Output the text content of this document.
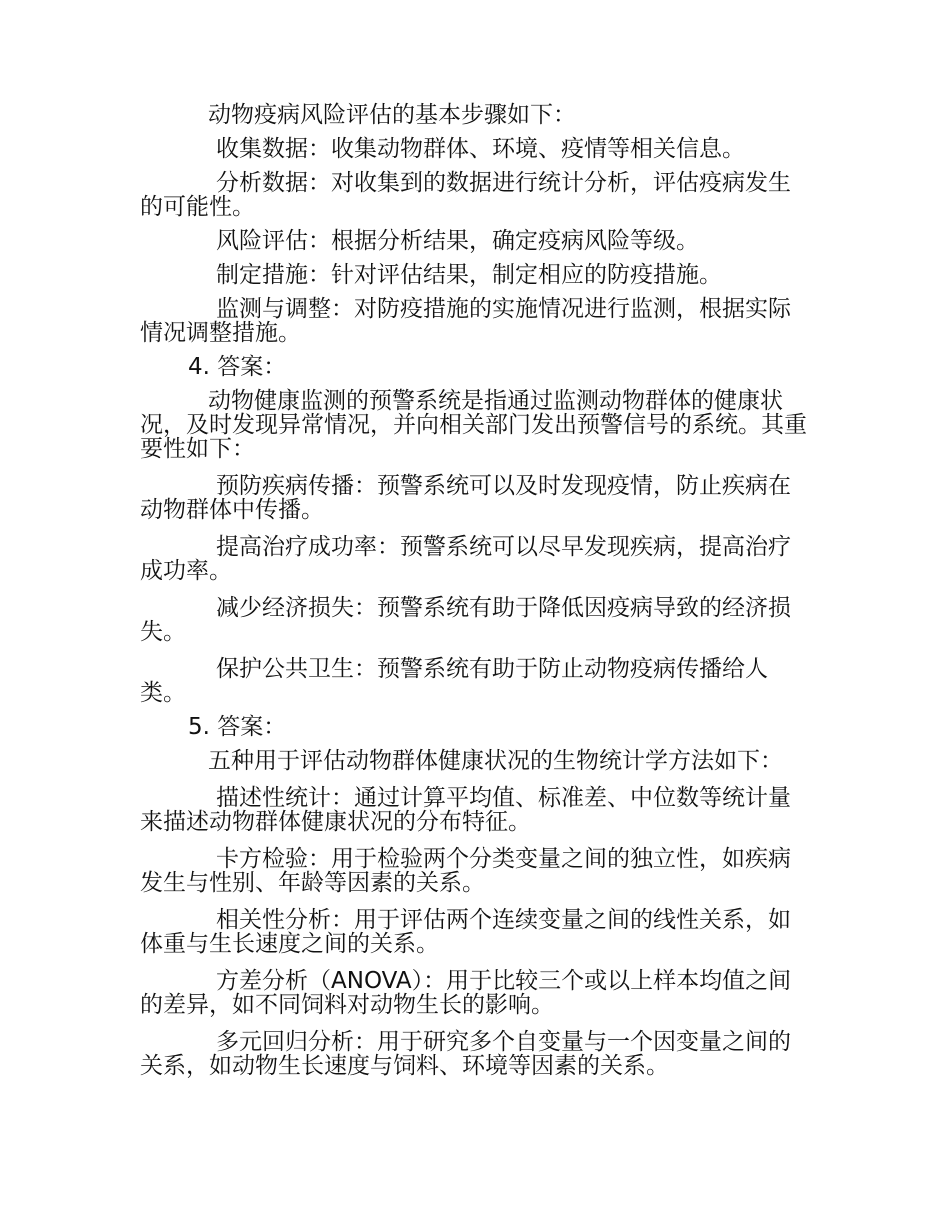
动物疫病风险评估的基本步骤如下：

收集数据：收集动物群体、环境、疫情等相关信息。

分析数据：对收集到的数据进行统计分析，评估疫病发生的可能性。

风险评估：根据分析结果，确定疫病风险等级。

制定措施：针对评估结果，制定相应的防疫措施。

监测与调整：对防疫措施的实施情况进行监测，根据实际情况调整措施。

4. 答案：

动物健康监测的预警系统是指通过监测动物群体的健康状况，及时发现异常情况，并向相关部门发出预警信号的系统。其重要性如下：

预防疾病传播：预警系统可以及时发现疫情，防止疾病在动物群体中传播。

提高治疗成功率：预警系统可以尽早发现疾病，提高治疗成功率。

减少经济损失：预警系统有助于降低因疫病导致的经济损失。

保护公共卫生：预警系统有助于防止动物疫病传播给人类。

5. 答案：

五种用于评估动物群体健康状况的生物统计学方法如下：

描述性统计：通过计算平均值、标准差、中位数等统计量来描述动物群体健康状况的分布特征。

卡方检验：用于检验两个分类变量之间的独立性，如疾病发生与性别、年龄等因素的关系。

相关性分析：用于评估两个连续变量之间的线性关系，如体重与生长速度之间的关系。

方差分析（ANOVA）：用于比较三个或以上样本均值之间的差异，如不同饲料对动物生长的影响。

多元回归分析：用于研究多个自变量与一个因变量之间的关系，如动物生长速度与饲料、环境等因素的关系。
